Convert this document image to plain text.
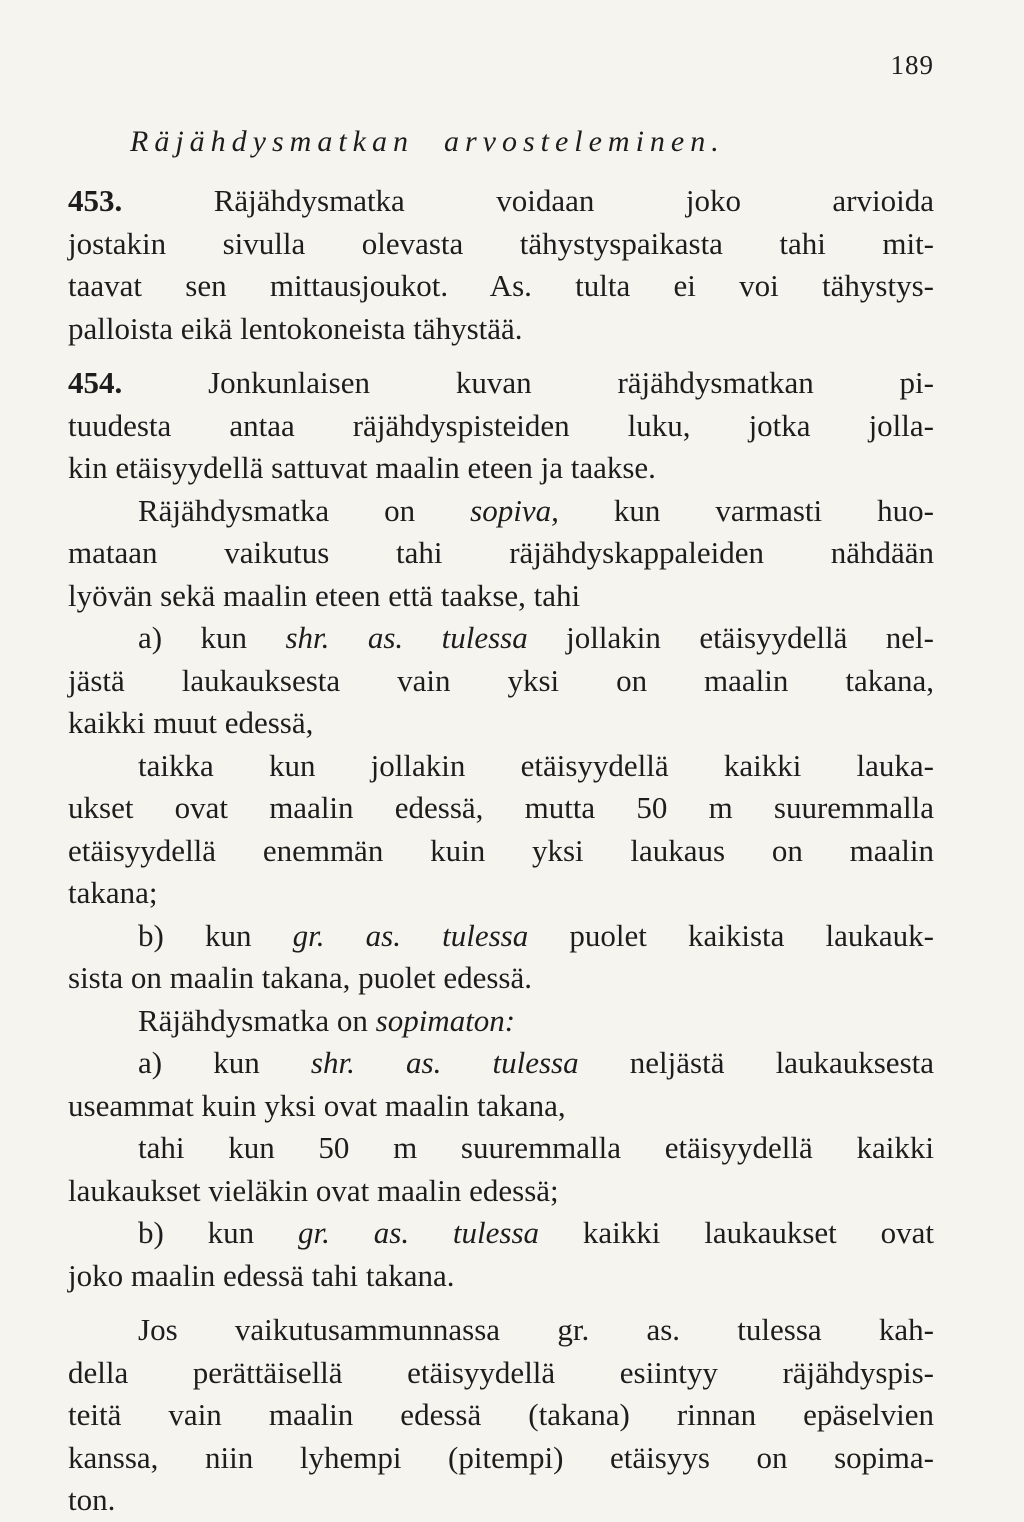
189
Räjähdysmatkan arvosteleminen.
453.	Räjähdysmatka voidaan joko arvioida
jostakin sivulla olevasta tähystyspaikasta tahi mit-
taavat sen mittausjoukot. As. tulta ei voi tähystys-
palloista eikä lentokoneista tähystää.
454.	Jonkunlaisen kuvan räjähdysmatkan pi-
tuudesta antaa räjähdyspisteiden luku, jotka jolla-
kin etäisyydellä sattuvat maalin eteen ja taakse.
Räjähdysmatka on sopiva, kun varmasti huo-
mataan vaikutus tahi räjähdyskappaleiden nähdään
lyövän sekä maalin eteen että taakse, tahi
a) kun shr. as. tulessa jollakin etäisyydellä nel-
jästä laukauksesta vain yksi on maalin takana,
kaikki muut edessä,
taikka kun jollakin etäisyydellä kaikki lauka-
ukset ovat maalin edessä, mutta 50 m suuremmalla
etäisyydellä enemmän kuin yksi laukaus on maalin
takana;
b) kun gr. as. tulessa puolet kaikista laukauk-
sista on maalin takana, puolet edessä.
Räjähdysmatka on sopimaton:
a) kun shr. as. tulessa neljästä laukauksesta
useammat kuin yksi ovat maalin takana,
tahi kun 50 m suuremmalla etäisyydellä kaikki
laukaukset vieläkin ovat maalin edessä;
b) kun gr. as. tulessa kaikki laukaukset ovat
joko maalin edessä tahi takana.
Jos vaikutusammunnassa gr. as. tulessa kah-
della perättäisellä etäisyydellä esiintyy räjähdyspis-
teitä vain maalin edessä (takana) rinnan epäselvien
kanssa, niin lyhempi (pitempi) etäisyys on sopima-
ton.
